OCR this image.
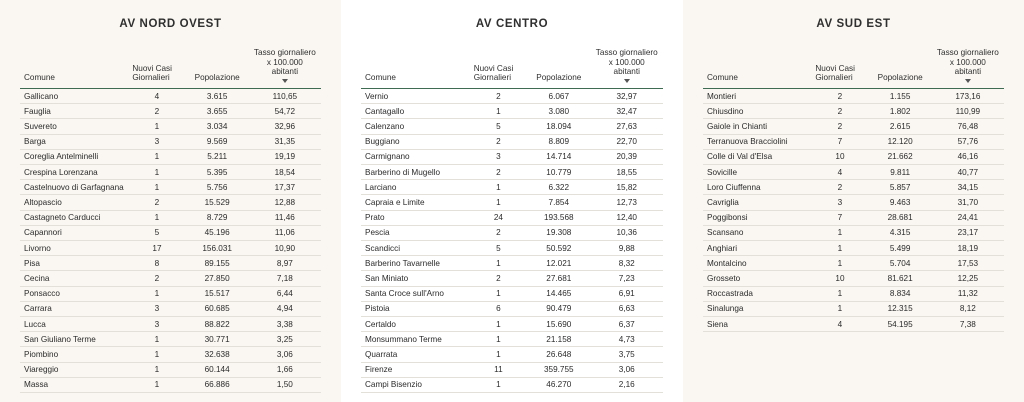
AV NORD OVEST
Comune	Nuovi Casi Giornalieri	Popolazione	Tasso giornaliero x 100.000 abitanti

Gallicano	4	3.615	110,65
Fauglia	2	3.655	54,72
Suvereto	1	3.034	32,96
Barga	3	9.569	31,35
Coreglia Antelminelli	1	5.211	19,19
Crespina Lorenzana	1	5.395	18,54
Castelnuovo di Garfagnana	1	5.756	17,37
Altopascio	2	15.529	12,88
Castagneto Carducci	1	8.729	11,46
Capannori	5	45.196	11,06
Livorno	17	156.031	10,90
Pisa	8	89.155	8,97
Cecina	2	27.850	7,18
Ponsacco	1	15.517	6,44
Carrara	3	60.685	4,94
Lucca	3	88.822	3,38
San Giuliano Terme	1	30.771	3,25
Piombino	1	32.638	3,06
Viareggio	1	60.144	1,66
Massa	1	66.886	1,50
AV CENTRO
Comune	Nuovi Casi Giornalieri	Popolazione	Tasso giornaliero x 100.000 abitanti

Vernio	2	6.067	32,97
Cantagallo	1	3.080	32,47
Calenzano	5	18.094	27,63
Buggiano	2	8.809	22,70
Carmignano	3	14.714	20,39
Barberino di Mugello	2	10.779	18,55
Larciano	1	6.322	15,82
Capraia e Limite	1	7.854	12,73
Prato	24	193.568	12,40
Pescia	2	19.308	10,36
Scandicci	5	50.592	9,88
Barberino Tavarnelle	1	12.021	8,32
San Miniato	2	27.681	7,23
Santa Croce sull'Arno	1	14.465	6,91
Pistoia	6	90.479	6,63
Certaldo	1	15.690	6,37
Monsummano Terme	1	21.158	4,73
Quarrata	1	26.648	3,75
Firenze	11	359.755	3,06
Campi Bisenzio	1	46.270	2,16
AV SUD EST
Comune	Nuovi Casi Giornalieri	Popolazione	Tasso giornaliero x 100.000 abitanti

Montieri	2	1.155	173,16
Chiusdino	2	1.802	110,99
Gaiole in Chianti	2	2.615	76,48
Terranuova Bracciolini	7	12.120	57,76
Colle di Val d'Elsa	10	21.662	46,16
Sovicille	4	9.811	40,77
Loro Ciuffenna	2	5.857	34,15
Cavriglia	3	9.463	31,70
Poggibonsi	7	28.681	24,41
Scansano	1	4.315	23,17
Anghiari	1	5.499	18,19
Montalcino	1	5.704	17,53
Grosseto	10	81.621	12,25
Roccastrada	1	8.834	11,32
Sinalunga	1	12.315	8,12
Siena	4	54.195	7,38
